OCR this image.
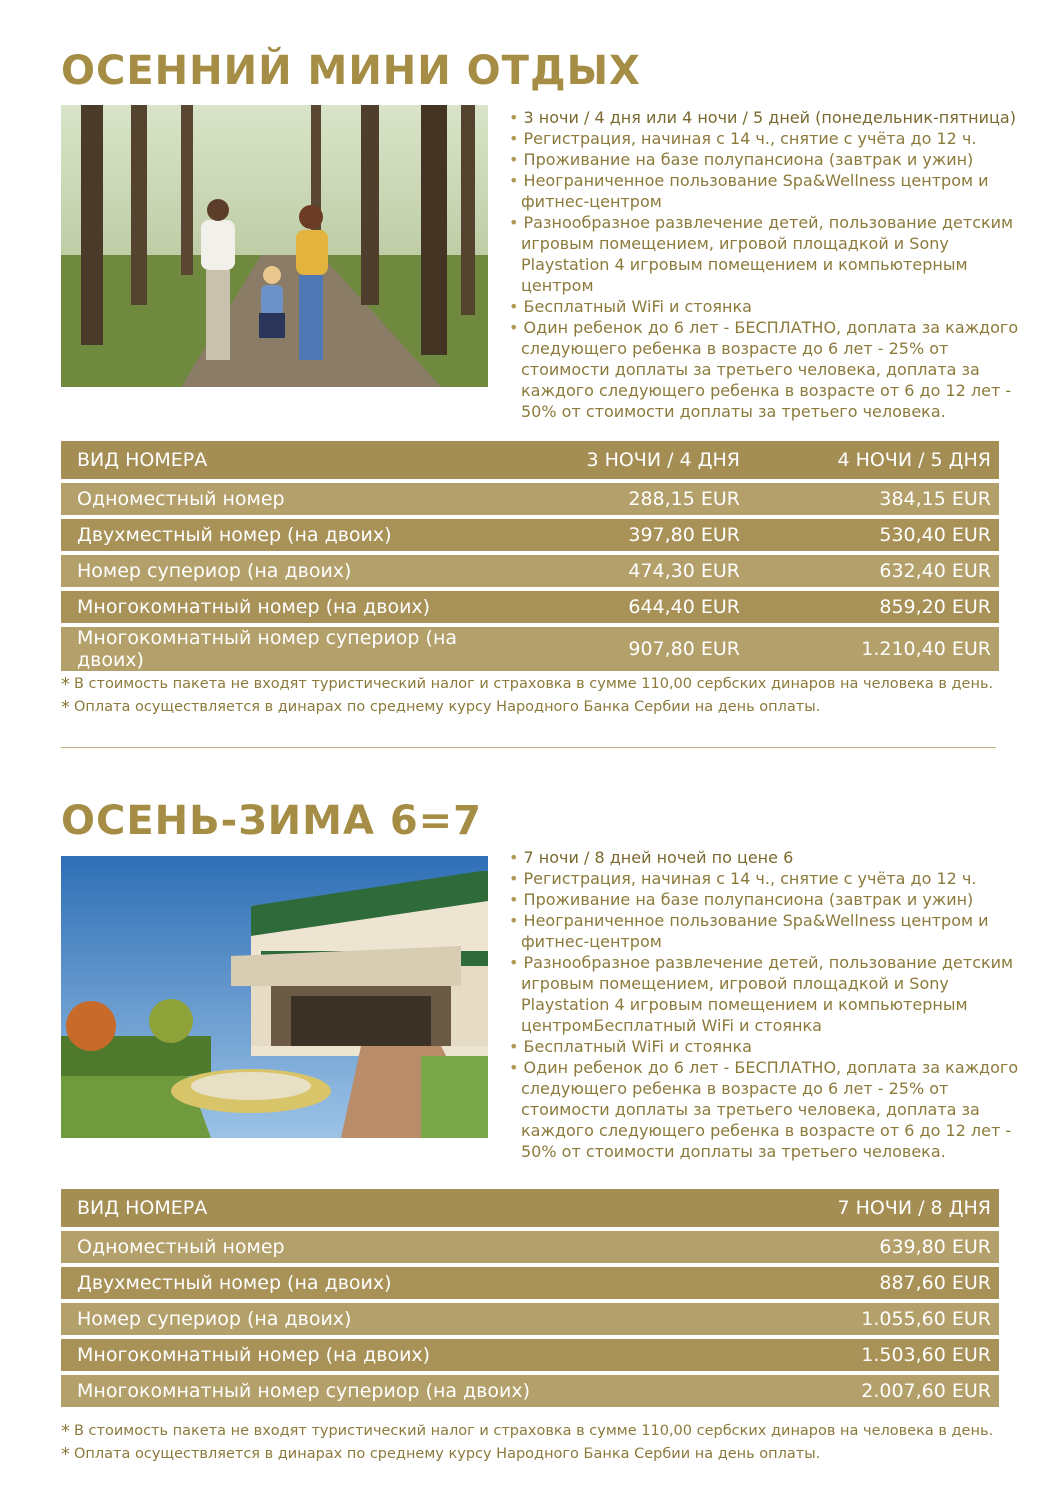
ОСЕННИЙ МИНИ ОТДЫХ
• 3 ночи / 4 дня или 4 ночи / 5 дней (понедельник-пятница)
• Регистрация, начиная с 14 ч., снятие с учёта до 12 ч.
• Проживание на базе полупансиона (завтрак и ужин)
• Неограниченное пользование Spa&Wellness центром и фитнес-центром
• Разнообразное развлечение детей, пользование детским игровым помещением, игровой площадкой и Sony Playstation 4 игровым помещением и компьютерным центром
• Бесплатный WiFi и стоянка
• Один ребенок до 6 лет - БЕСПЛАТНО, доплата за каждого следующего ребенка в возрасте до 6 лет - 25% от стоимости доплаты за третьего человека, доплата за каждого следующего ребенка в возрасте от 6 до 12 лет - 50% от стоимости доплаты за третьего человека.
ВИД НОМЕРА	3 НОЧИ / 4 ДНЯ	4 НОЧИ / 5 ДНЯ
Одноместный номер	288,15 EUR	384,15 EUR
Двухместный номер (на двоих)	397,80 EUR	530,40 EUR
Номер супериор (на двоих)	474,30 EUR	632,40 EUR
Многокомнатный номер (на двоих)	644,40 EUR	859,20 EUR
Многокомнатный номер супериор (на двоих)	907,80 EUR	1.210,40 EUR
* В стоимость пакета не входят туристический налог и страховка в сумме 110,00 сербских динаров на человека в день.
* Оплата осуществляется в динарах по среднему курсу Народного Банка Сербии на день оплаты.
ОСЕНЬ-ЗИМА 6=7
• 7 ночи / 8 дней ночей по цене 6
• Регистрация, начиная с 14 ч., снятие с учёта до 12 ч.
• Проживание на базе полупансиона (завтрак и ужин)
• Неограниченное пользование Spa&Wellness центром и фитнес-центром
• Разнообразное развлечение детей, пользование детским игровым помещением, игровой площадкой и Sony Playstation 4 игровым помещением и компьютерным центромБесплатный WiFi и стоянка
• Бесплатный WiFi и стоянка
• Один ребенок до 6 лет - БЕСПЛАТНО, доплата за каждого следующего ребенка в возрасте до 6 лет - 25% от стоимости доплаты за третьего человека, доплата за каждого следующего ребенка в возрасте от 6 до 12 лет - 50% от стоимости доплаты за третьего человека.
ВИД НОМЕРА	7 НОЧИ / 8 ДНЯ
Одноместный номер	639,80 EUR
Двухместный номер (на двоих)	887,60 EUR
Номер супериор (на двоих)	1.055,60 EUR
Многокомнатный номер (на двоих)	1.503,60 EUR
Многокомнатный номер супериор (на двоих)	2.007,60 EUR
* В стоимость пакета не входят туристический налог и страховка в сумме 110,00 сербских динаров на человека в день.
* Оплата осуществляется в динарах по среднему курсу Народного Банка Сербии на день оплаты.
